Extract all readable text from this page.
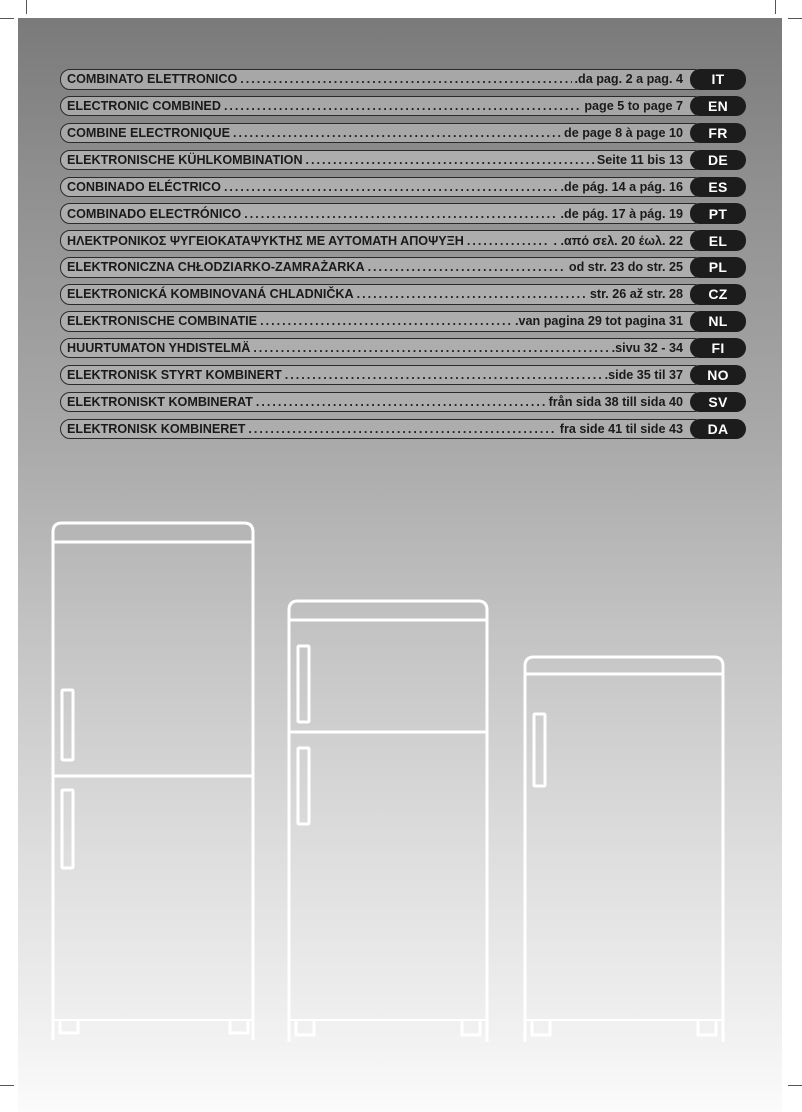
COMBINATO ELETTRONICO .....	.da pag. 2 a pag. 4	IT
ELECTRONIC COMBINED .....	page 5 to page 7	EN
COMBINE ELECTRONIQUE .....	de page 8 à page 10	FR
ELEKTRONISCHE KÜHLKOMBINATION .....	Seite 11 bis 13	DE
CONBINADO ELÉCTRICO .....	.de pág. 14 a pág. 16	ES
COMBINADO ELECTRÓNICO .....	.de pág. 17 à pág. 19	PT
ΗΛΕΚΤΡΟΝΙΚΟΣ ΨΥΓΕΙΟΚΑΤΑΨΥΚΤΗΣ ΜΕ ΑΥΤΟΜΑΤΗ ΑΠΟΨΥΞΗ .....	. .από σελ. 20 έωλ. 22	EL
ELEKTRONICZNA CHŁODZIARKO-ZAMRAŻARKA .....	od str. 23 do str. 25	PL
ELEKTRONICKÁ KOMBINOVANÁ CHLADNIČKA .....	str. 26 až str. 28	CZ
ELEKTRONISCHE COMBINATIE .....	.van pagina 29 tot pagina 31	NL
HUURTUMATON YHDISTELMÄ .....	.sivu 32 - 34	FI
ELEKTRONISK STYRT KOMBINERT .....	.side 35 til 37	NO
ELEKTRONISKT KOMBINERAT .....	från sida 38 till sida 40	SV
ELEKTRONISK KOMBINERET .....	fra side 41 til side 43	DA
